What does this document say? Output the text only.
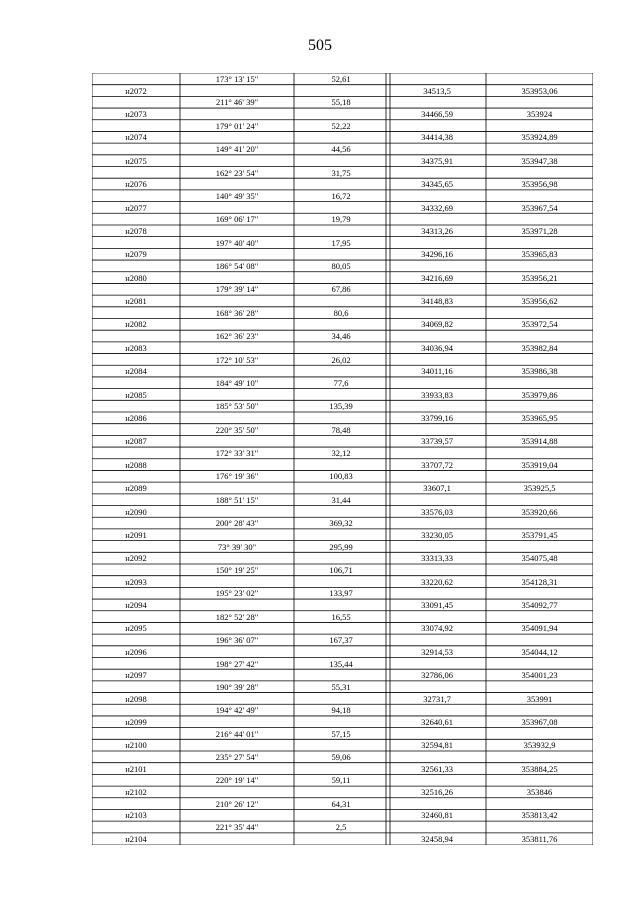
505
173° 13' 15"	52,61
н2072	34513,5	353953,06
211° 46' 39"	55,18
н2073	34466,59	353924
179° 01' 24"	52,22
н2074	34414,38	353924,89
149° 41' 20"	44,56
н2075	34375,91	353947,38
162° 23' 54"	31,75
н2076	34345,65	353956,98
140° 49' 35"	16,72
н2077	34332,69	353967,54
169° 06' 17"	19,79
н2078	34313,26	353971,28
197° 40' 40"	17,95
н2079	34296,16	353965,83
186° 54' 08"	80,05
н2080	34216,69	353956,21
179° 39' 14"	67,86
н2081	34148,83	353956,62
168° 36' 28"	80,6
н2082	34069,82	353972,54
162° 36' 23"	34,46
н2083	34036,94	353982,84
172° 10' 53"	26,02
н2084	34011,16	353986,38
184° 49' 10"	77,6
н2085	33933,83	353979,86
185° 53' 50"	135,39
н2086	33799,16	353965,95
220° 35' 50"	78,48
н2087	33739,57	353914,88
172° 33' 31"	32,12
н2088	33707,72	353919,04
176° 19' 36"	100,83
н2089	33607,1	353925,5
188° 51' 15"	31,44
н2090	33576,03	353920,66
200° 28' 43"	369,32
н2091	33230,05	353791,45
73° 39' 30"	295,99
н2092	33313,33	354075,48
150° 19' 25"	106,71
н2093	33220,62	354128,31
195° 23' 02"	133,97
н2094	33091,45	354092,77
182° 52' 28"	16,55
н2095	33074,92	354091,94
196° 36' 07"	167,37
н2096	32914,53	354044,12
198° 27' 42"	135,44
н2097	32786,06	354001,23
190° 39' 28"	55,31
н2098	32731,7	353991
194° 42' 49"	94,18
н2099	32640,61	353967,08
216° 44' 01"	57,15
н2100	32594,81	353932,9
235° 27' 54"	59,06
н2101	32561,33	353884,25
220° 19' 14"	59,11
н2102	32516,26	353846
210° 26' 12"	64,31
н2103	32460,81	353813,42
221° 35' 44"	2,5
н2104	32458,94	353811,76
